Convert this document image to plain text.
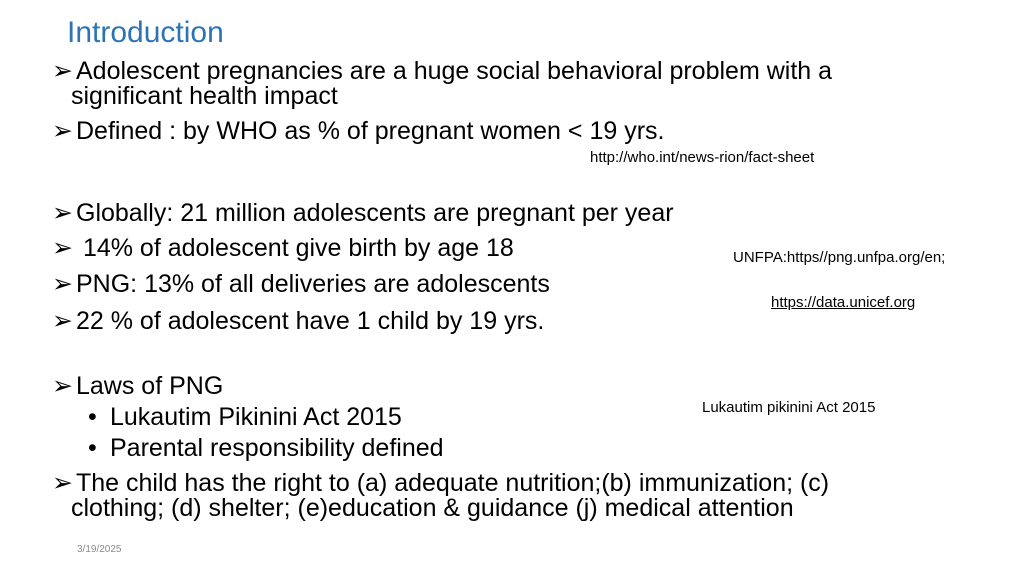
Introduction
➢ Adolescent pregnancies are a huge social behavioral problem with a
significant health impact
➢ Defined : by WHO as % of pregnant women < 19 yrs.
http://who.int/news-rion/fact-sheet
➢ Globally: 21 million adolescents are pregnant per year
➢ 14% of adolescent give birth by age 18	UNFPA:https//png.unfpa.org/en;
➢ PNG: 13% of all deliveries are adolescents
https://data.unicef.org
➢ 22 % of adolescent have 1 child by 19 yrs.
➢ Laws of PNG
• Lukautim Pikinini Act 2015	Lukautim pikinini Act 2015
• Parental responsibility defined
➢ The child has the right to (a) adequate nutrition;(b) immunization; (c)
clothing; (d) shelter; (e)education & guidance (j) medical attention
3/19/2025
